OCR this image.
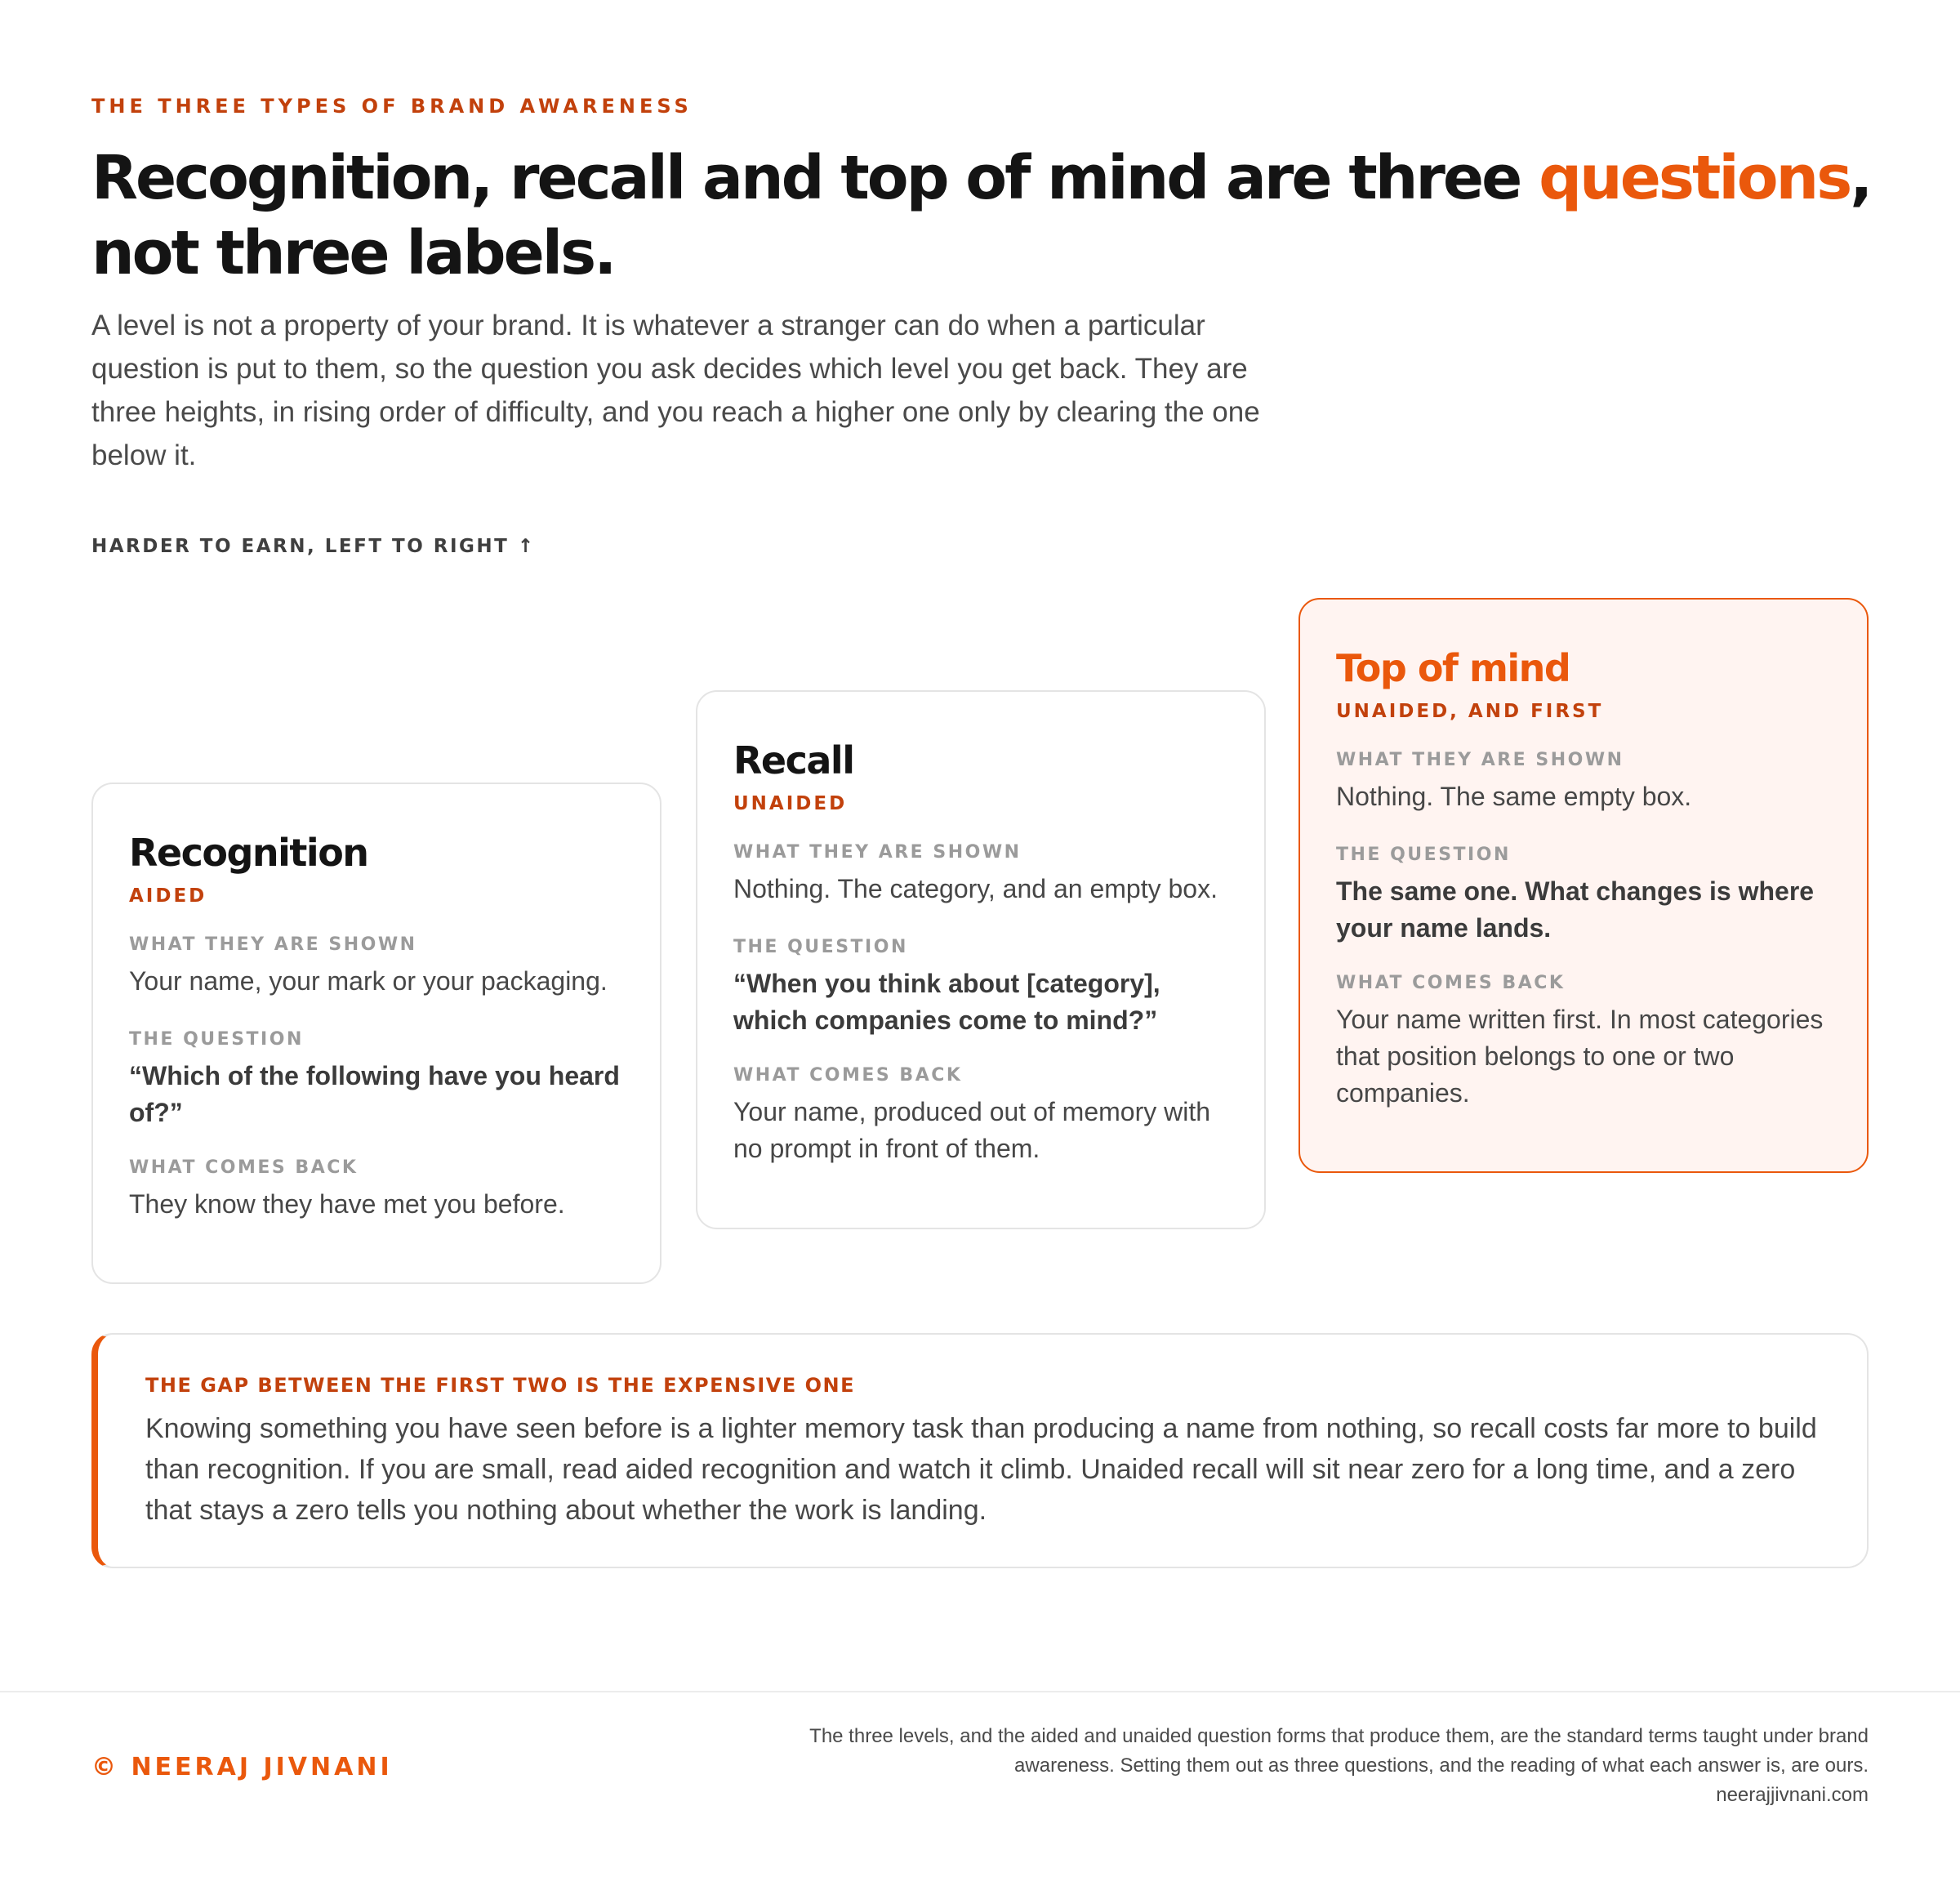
THE THREE TYPES OF BRAND AWARENESS
Recognition, recall and top of mind are three questions, not three labels.

A level is not a property of your brand. It is whatever a stranger can do when a particular question is put to them, so the question you ask decides which level you get back. They are three heights, in rising order of difficulty, and you reach a higher one only by clearing the one below it.

HARDER TO EARN, LEFT TO RIGHT ↑
Recognition
AIDED
WHAT THEY ARE SHOWN
Your name, your mark or your packaging.
THE QUESTION
“Which of the following have you heard of?”
WHAT COMES BACK
They know they have met you before.
Recall
UNAIDED
WHAT THEY ARE SHOWN
Nothing. The category, and an empty box.
THE QUESTION
“When you think about [category], which companies come to mind?”
WHAT COMES BACK
Your name, produced out of memory with no prompt in front of them.
Top of mind
UNAIDED, AND FIRST
WHAT THEY ARE SHOWN
Nothing. The same empty box.
THE QUESTION
The same one. What changes is where your name lands.
WHAT COMES BACK
Your name written first. In most categories that position belongs to one or two companies.
THE GAP BETWEEN THE FIRST TWO IS THE EXPENSIVE ONE

Knowing something you have seen before is a lighter memory task than producing a name from nothing, so recall costs far more to build than recognition. If you are small, read aided recognition and watch it climb. Unaided recall will sit near zero for a long time, and a zero that stays a zero tells you nothing about whether the work is landing.

© NEERAJ JIVNANI
The three levels, and the aided and unaided question forms that produce them, are the standard terms taught under brand awareness. Setting them out as three questions, and the reading of what each answer is, are ours.
neerajjivnani.com
